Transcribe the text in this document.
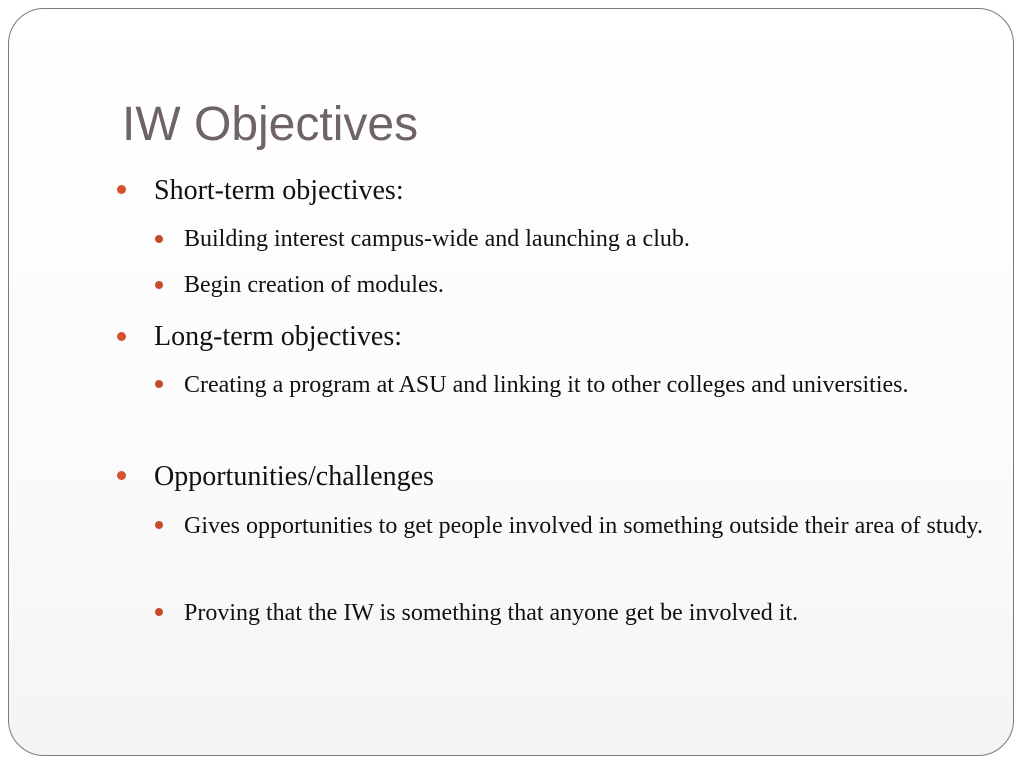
IW Objectives
Short-term objectives:
Building interest campus-wide and launching a club.
Begin creation of modules.
Long-term objectives:
Creating a program at ASU and linking it to other colleges and universities.
Opportunities/challenges
Gives opportunities to get people involved in something outside their area of study.
Proving that the IW is something that anyone get be involved it.
